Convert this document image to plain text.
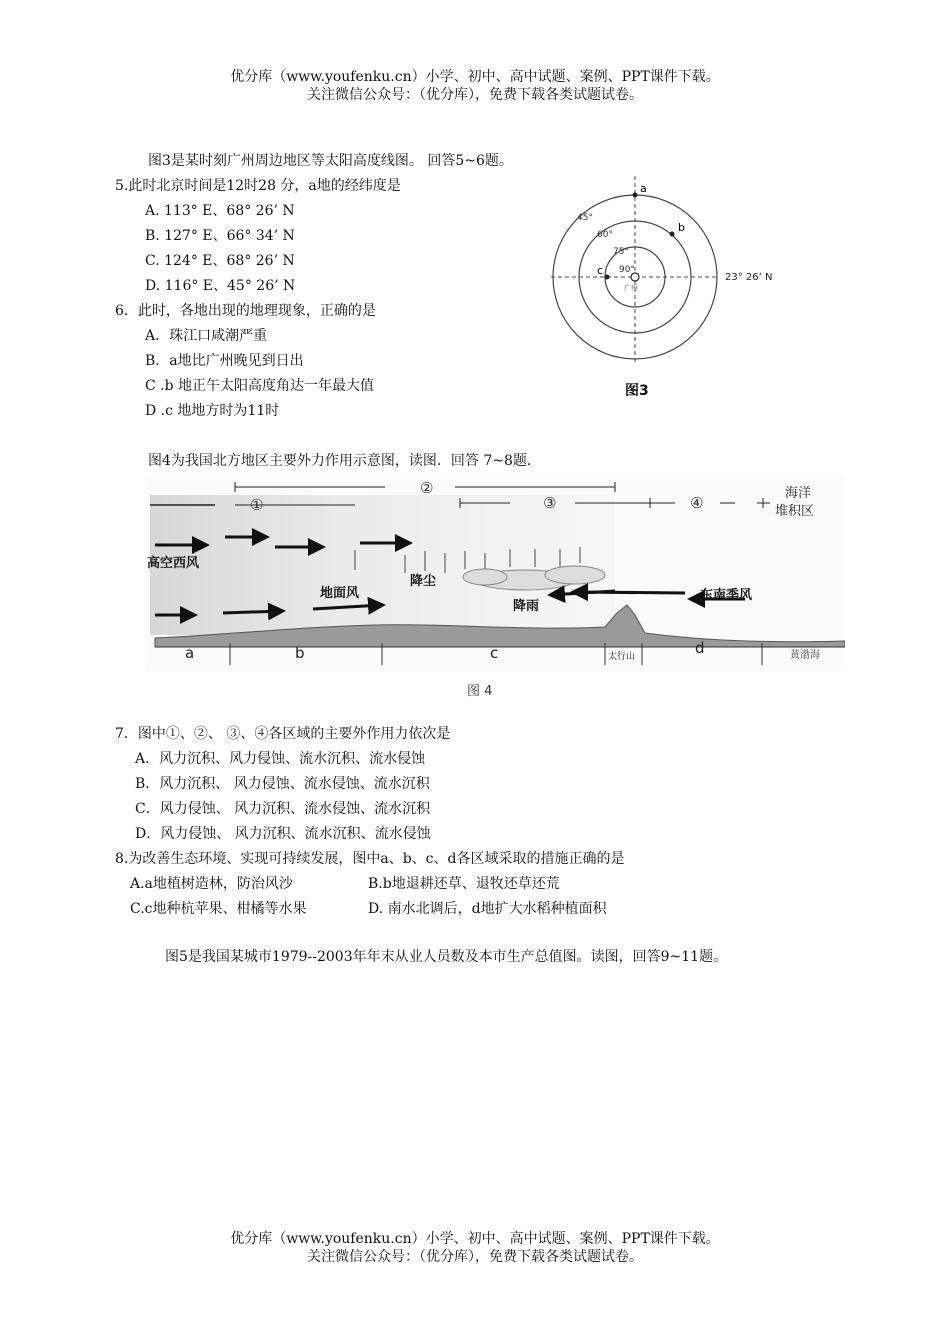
优分库（www.youfenku.cn）小学、初中、高中试题、案例、PPT课件下载。
关注微信公众号：（优分库），免费下载各类试题试卷。
图3是某时刻广州周边地区等太阳高度线图。 回答5~6题。
5.此时北京时间是12时28 分，a地的经纬度是
A. 113° E、68° 26’ N
B. 127° E、66° 34’ N
C. 124° E、68° 26’ N
D. 116° E、45° 26’ N
6．此时，各地出现的地理现象，正确的是
A．珠江口咸潮严重
B．a地比广州晚见到日出
C .b 地正午太阳高度角达一年最大值
D .c 地地方时为11时
a
b
c
45°
60°
75°
90°
广州
23° 26’ N
图3
图4为我国北方地区主要外力作用示意图，读图．回答 7~8题．
①
②
③	④
海洋
堆积区
高空西风
降尘
地面风	东南季风
降雨
a	b	c	太行山	d	黄渤海
图 4
7．图中①、②、 ③、④各区域的主要外作用力依次是
A．风力沉积、风力侵蚀、流水沉积、流水侵蚀
B．风力沉积、 风力侵蚀、流水侵蚀、流水沉积
C．风力侵蚀、 风力沉积、流水侵蚀、流水沉积
D．风力侵蚀、 风力沉积、流水沉积、流水侵蚀
8.为改善生态环境、实现可持续发展，图中a、b、c、d各区域采取的措施正确的是
A.a地植树造林，防治风沙	B.b地退耕还草、退牧还草还荒
C.c地种杭苹果、柑橘等水果	D. 南水北调后，d地扩大水稻种植面积
图5是我国某城市1979--2003年年末从业人员数及本市生产总值图。读图，回答9~11题。
优分库（www.youfenku.cn）小学、初中、高中试题、案例、PPT课件下载。
关注微信公众号：（优分库），免费下载各类试题试卷。
